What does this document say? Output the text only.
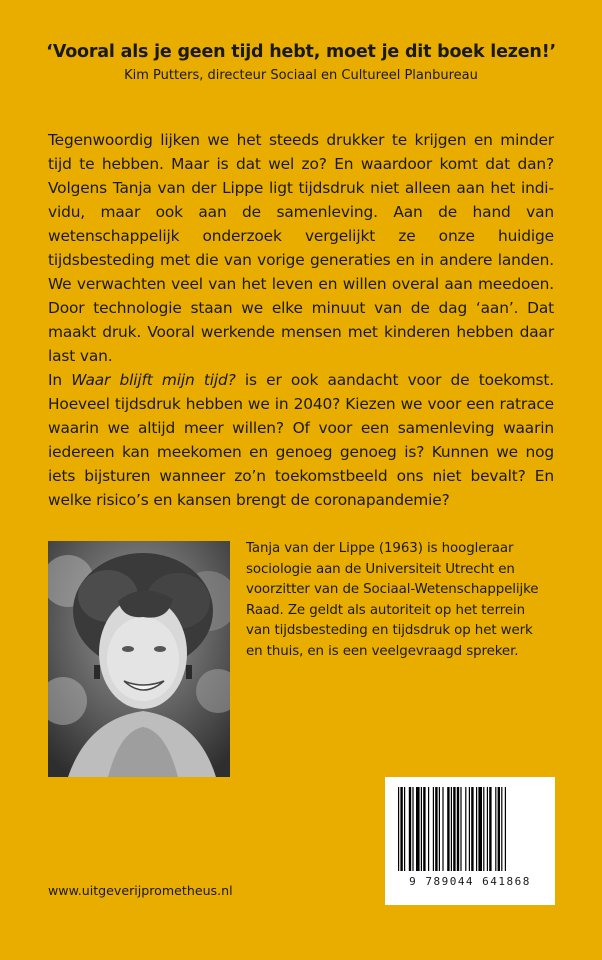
‘Vooral als je geen tijd hebt, moet je dit boek lezen!’
Kim Putters, directeur Sociaal en Cultureel Planbureau

Tegenwoordig lijken we het steeds drukker te krijgen en minder tijd te hebben. Maar is dat wel zo? En waardoor komt dat dan? Volgens Tanja van der Lippe ligt tijdsdruk niet alleen aan het individu, maar ook aan de samenleving. Aan de hand van wetenschappelijk onderzoek vergelijkt ze onze huidige tijdsbesteding met die van vorige generaties en in andere landen. We verwachten veel van het leven en willen overal aan meedoen. Door technologie staan we elke minuut van de dag ‘aan’. Dat maakt druk. Vooral werkende mensen met kinderen hebben daar last van.

In Waar blijft mijn tijd? is er ook aandacht voor de toekomst. Hoeveel tijdsdruk hebben we in 2040? Kiezen we voor een ratrace waarin we altijd meer willen? Of voor een samenleving waarin iedereen kan meekomen en genoeg genoeg is? Kunnen we nog iets bijsturen wanneer zo’n toekomstbeeld ons niet bevalt? En welke risico’s en kansen brengt de coronapandemie?

Tanja van der Lippe (1963) is hoogleraar sociologie aan de Universiteit Utrecht en voorzitter van de Sociaal-Wetenschappelijke Raad. Ze geldt als autoriteit op het terrein van tijdsbesteding en tijdsdruk op het werk en thuis, en is een veelgevraagd spreker.
9 789044 641868
www.uitgeverijprometheus.nl
